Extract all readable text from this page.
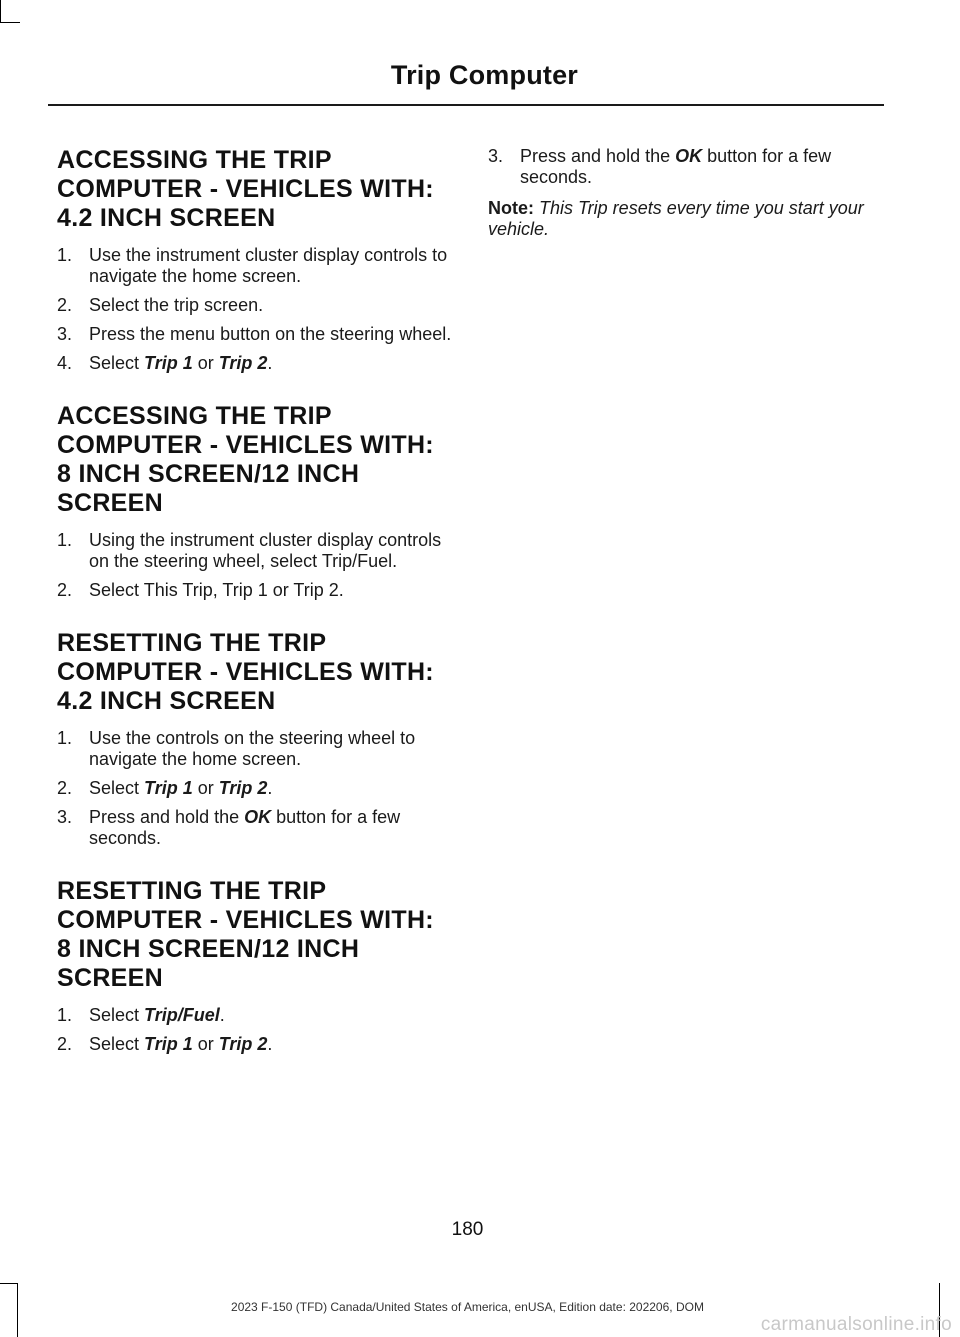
Trip Computer
ACCESSING THE TRIP COMPUTER - VEHICLES WITH: 4.2 INCH SCREEN
1. Use the instrument cluster display controls to navigate the home screen.
2. Select the trip screen.
3. Press the menu button on the steering wheel.
4. Select Trip 1 or Trip 2.
ACCESSING THE TRIP COMPUTER - VEHICLES WITH: 8 INCH SCREEN/12 INCH SCREEN
1. Using the instrument cluster display controls on the steering wheel, select Trip/Fuel.
2. Select This Trip, Trip 1 or Trip 2.
RESETTING THE TRIP COMPUTER - VEHICLES WITH: 4.2 INCH SCREEN
1. Use the controls on the steering wheel to navigate the home screen.
2. Select Trip 1 or Trip 2.
3. Press and hold the OK button for a few seconds.
RESETTING THE TRIP COMPUTER - VEHICLES WITH: 8 INCH SCREEN/12 INCH SCREEN
1. Select Trip/Fuel.
2. Select Trip 1 or Trip 2.
3. Press and hold the OK button for a few seconds.

Note: This Trip resets every time you start your vehicle.

180
2023 F-150 (TFD) Canada/United States of America, enUSA, Edition date: 202206, DOM
carmanualsonline.info
